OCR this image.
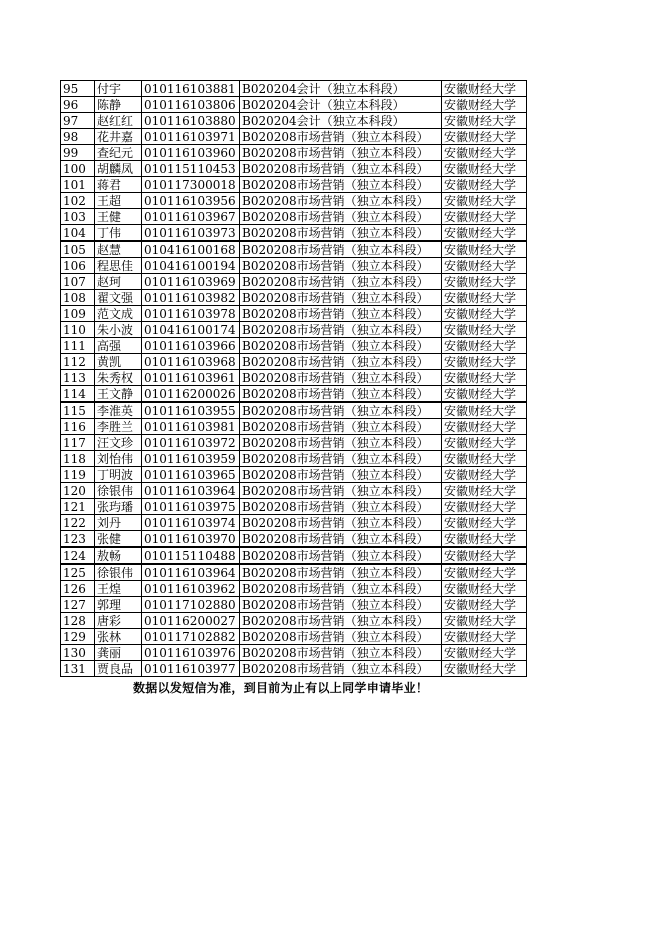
95	付宇	010116103881	B020204会计（独立本科段）	安徽财经大学
96	陈静	010116103806	B020204会计（独立本科段）	安徽财经大学
97	赵红红	010116103880	B020204会计（独立本科段）	安徽财经大学
98	花井嘉	010116103971	B020208市场营销（独立本科段）	安徽财经大学
99	查纪元	010116103960	B020208市场营销（独立本科段）	安徽财经大学
100	胡麟凤	010115110453	B020208市场营销（独立本科段）	安徽财经大学
101	蒋君	010117300018	B020208市场营销（独立本科段）	安徽财经大学
102	王超	010116103956	B020208市场营销（独立本科段）	安徽财经大学
103	王健	010116103967	B020208市场营销（独立本科段）	安徽财经大学
104	丁伟	010116103973	B020208市场营销（独立本科段）	安徽财经大学
105	赵慧	010416100168	B020208市场营销（独立本科段）	安徽财经大学
106	程思佳	010416100194	B020208市场营销（独立本科段）	安徽财经大学
107	赵珂	010116103969	B020208市场营销（独立本科段）	安徽财经大学
108	翟文强	010116103982	B020208市场营销（独立本科段）	安徽财经大学
109	范文成	010116103978	B020208市场营销（独立本科段）	安徽财经大学
110	朱小波	010416100174	B020208市场营销（独立本科段）	安徽财经大学
111	高强	010116103966	B020208市场营销（独立本科段）	安徽财经大学
112	黄凯	010116103968	B020208市场营销（独立本科段）	安徽财经大学
113	朱秀权	010116103961	B020208市场营销（独立本科段）	安徽财经大学
114	王文静	010116200026	B020208市场营销（独立本科段）	安徽财经大学
115	李淮英	010116103955	B020208市场营销（独立本科段）	安徽财经大学
116	李胜兰	010116103981	B020208市场营销（独立本科段）	安徽财经大学
117	汪文珍	010116103972	B020208市场营销（独立本科段）	安徽财经大学
118	刘怡伟	010116103959	B020208市场营销（独立本科段）	安徽财经大学
119	丁明波	010116103965	B020208市场营销（独立本科段）	安徽财经大学
120	徐银伟	010116103964	B020208市场营销（独立本科段）	安徽财经大学
121	张玙璠	010116103975	B020208市场营销（独立本科段）	安徽财经大学
122	刘丹	010116103974	B020208市场营销（独立本科段）	安徽财经大学
123	张健	010116103970	B020208市场营销（独立本科段）	安徽财经大学
124	敖畅	010115110488	B020208市场营销（独立本科段）	安徽财经大学
125	徐银伟	010116103964	B020208市场营销（独立本科段）	安徽财经大学
126	王煌	010116103962	B020208市场营销（独立本科段）	安徽财经大学
127	郭理	010117102880	B020208市场营销（独立本科段）	安徽财经大学
128	唐彩	010116200027	B020208市场营销（独立本科段）	安徽财经大学
129	张林	010117102882	B020208市场营销（独立本科段）	安徽财经大学
130	龚丽	010116103976	B020208市场营销（独立本科段）	安徽财经大学
131	贾良品	010116103977	B020208市场营销（独立本科段）	安徽财经大学
数据以发短信为准，到目前为止有以上同学申请毕业！
